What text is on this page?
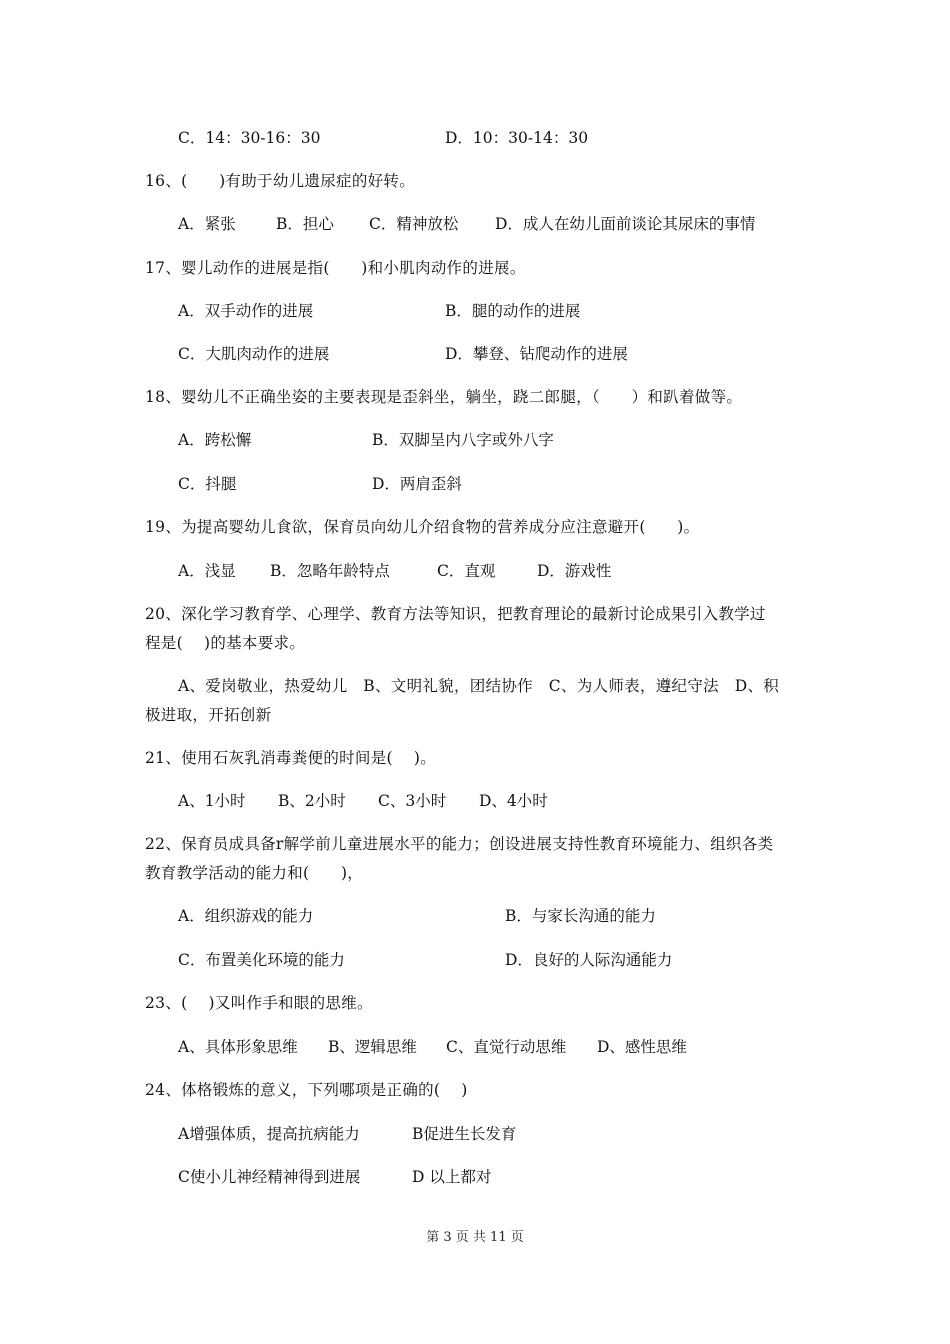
C．14：30-16：30	D．10：30-14：30
16、(　　)有助于幼儿遗尿症的好转。
A．紧张	B．担心 C．精神放松 D．成人在幼儿面前谈论其尿床的事情
17、婴儿动作的进展是指(　　)和小肌肉动作的进展。
A．双手动作的进展	B．腿的动作的进展
C．大肌肉动作的进展	D．攀登、钻爬动作的进展
18、婴幼儿不正确坐姿的主要表现是歪斜坐，躺坐，跷二郎腿，（　　）和趴着做等。
A．跨松懈	B．双脚呈内八字或外八字
C．抖腿	D．两肩歪斜
19、为提高婴幼儿食欲，保育员向幼儿介绍食物的营养成分应注意避开(　　)。
A．浅显 B．忽略年龄特点	C．直观	D．游戏性
20、深化学习教育学、心理学、教育方法等知识，把教育理论的最新讨论成果引入教学过
程是(　 )的基本要求。
A、爱岗敬业，热爱幼儿　B、文明礼貌，团结协作　C、为人师表，遵纪守法　D、积
极进取，开拓创新
21、使用石灰乳消毒粪便的时间是(　 )。
A、1小时 B、2小时 C、3小时 D、4小时
22、保育员成具备r解学前儿童进展水平的能力；创设进展支持性教育环境能力、组织各类
教育教学活动的能力和(　　)，
A．组织游戏的能力	B．与家长沟通的能力
C．布置美化环境的能力	D．良好的人际沟通能力
23、(　 )又叫作手和眼的思维。
A、具体形象思维 B、逻辑思维 C、直觉行动思维 D、感性思维
24、体格锻炼的意义，下列哪项是正确的(　 )
A增强体质，提高抗病能力	B促进生长发育
C使小儿神经精神得到进展	D 以上都对
第 3 页 共 11 页
